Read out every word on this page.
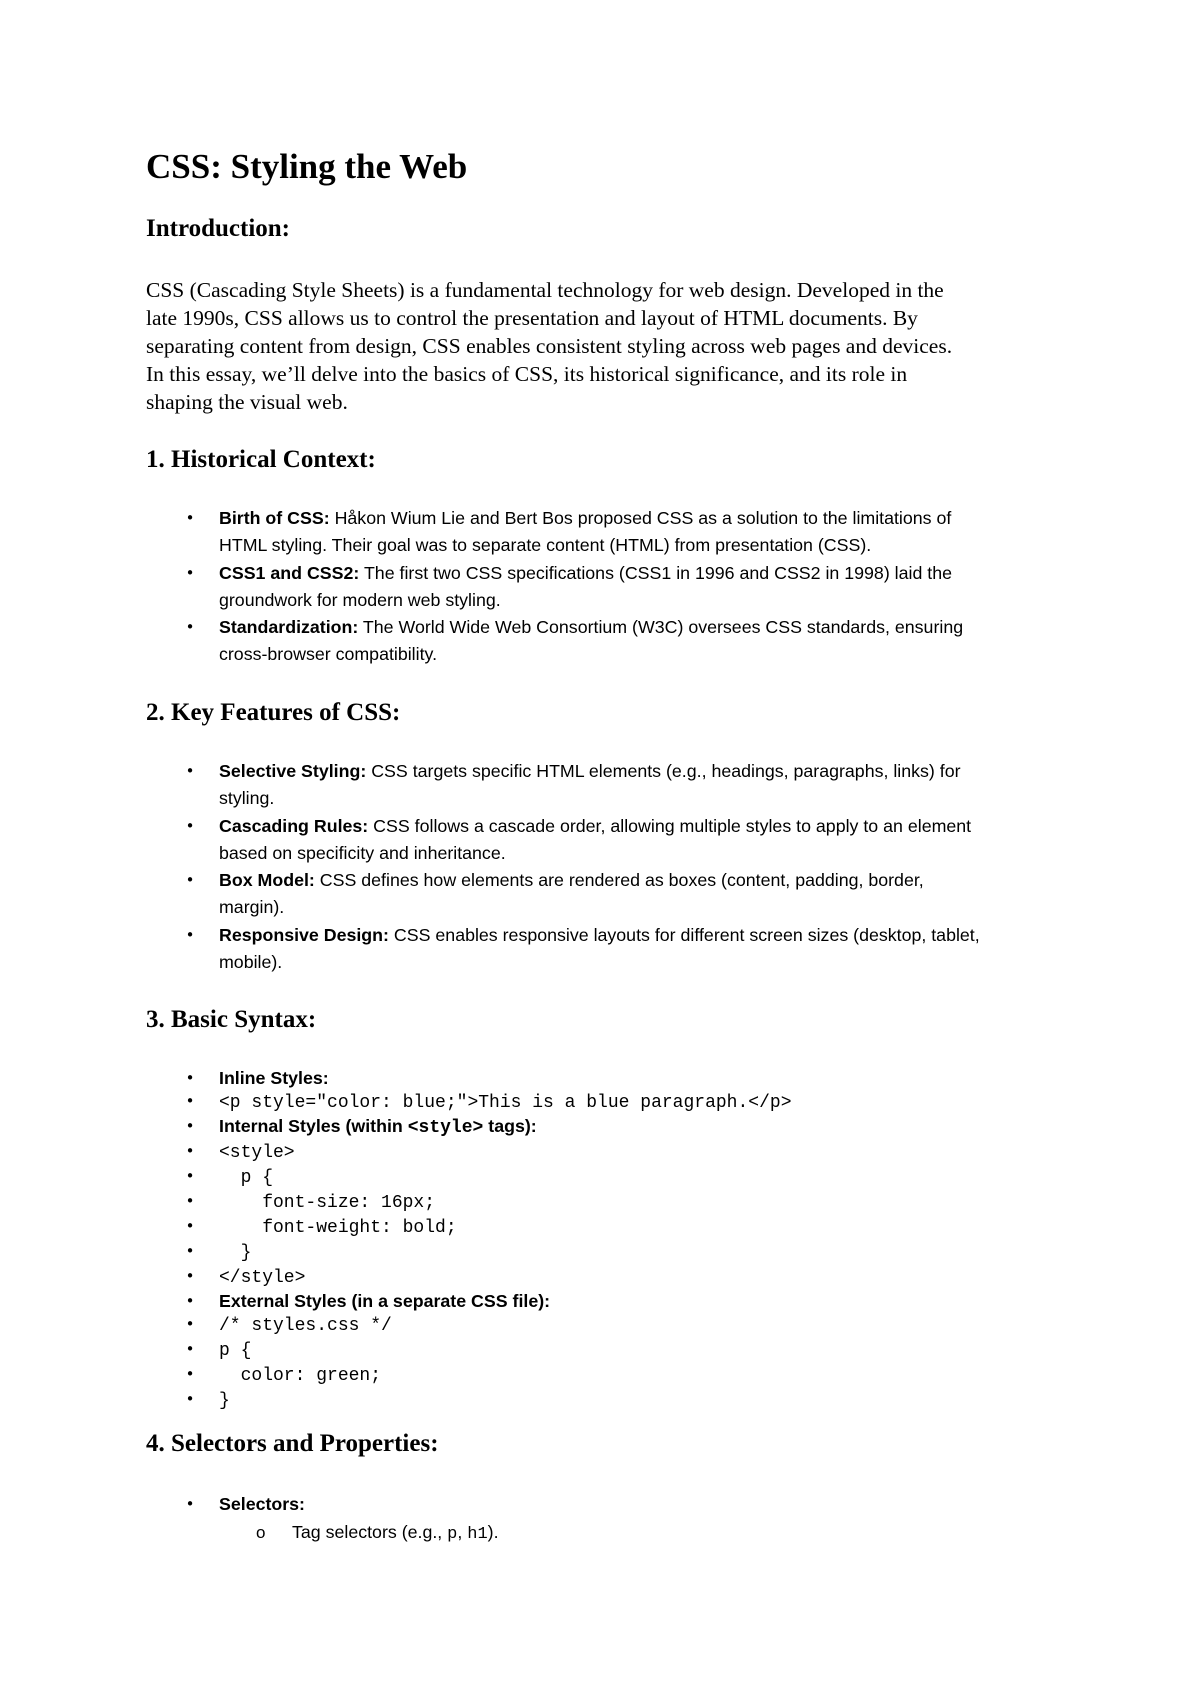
CSS: Styling the Web
Introduction:

CSS (Cascading Style Sheets) is a fundamental technology for web design. Developed in the
late 1990s, CSS allows us to control the presentation and layout of HTML documents. By
separating content from design, CSS enables consistent styling across web pages and devices.
In this essay, we’ll delve into the basics of CSS, its historical significance, and its role in
shaping the visual web.

1. Historical Context:
• Birth of CSS: Håkon Wium Lie and Bert Bos proposed CSS as a solution to the limitations of
HTML styling. Their goal was to separate content (HTML) from presentation (CSS).
• CSS1 and CSS2: The first two CSS specifications (CSS1 in 1996 and CSS2 in 1998) laid the
groundwork for modern web styling.
• Standardization: The World Wide Web Consortium (W3C) oversees CSS standards, ensuring
cross-browser compatibility.
2. Key Features of CSS:
• Selective Styling: CSS targets specific HTML elements (e.g., headings, paragraphs, links) for
styling.
• Cascading Rules: CSS follows a cascade order, allowing multiple styles to apply to an element
based on specificity and inheritance.
• Box Model: CSS defines how elements are rendered as boxes (content, padding, border,
margin).
• Responsive Design: CSS enables responsive layouts for different screen sizes (desktop, tablet,
mobile).
3. Basic Syntax:
• Inline Styles:
• <p style="color: blue;">This is a blue paragraph.</p>
• Internal Styles (within <style> tags):
• <style>
• p {
• font-size: 16px;
• font-weight: bold;
• }
• </style>
• External Styles (in a separate CSS file):
• /* styles.css */
• p {
• color: green;
• }
4. Selectors and Properties:
• Selectors:
o Tag selectors (e.g., p, h1).
